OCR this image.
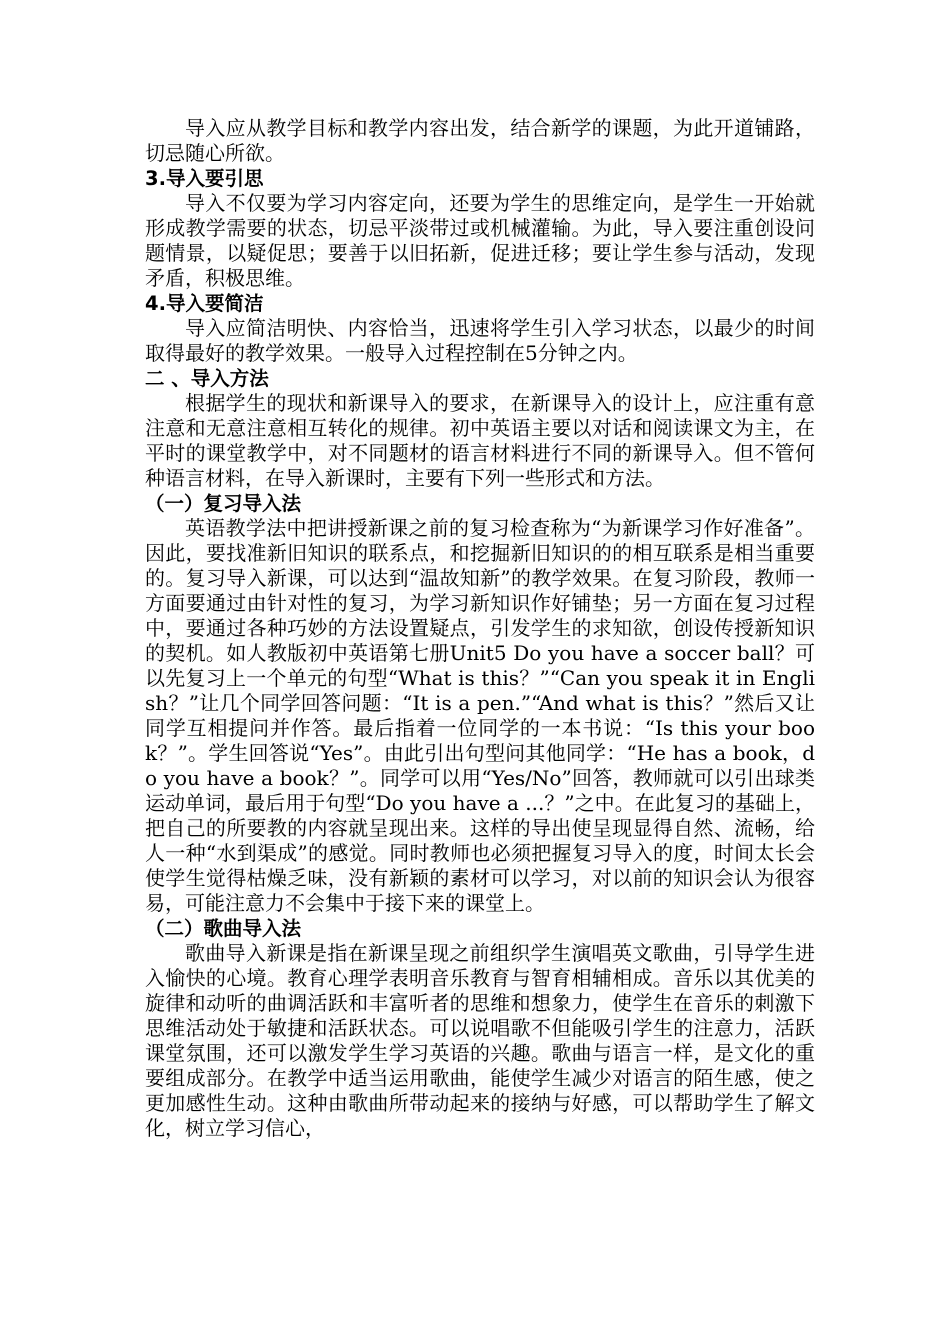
导入应从教学目标和教学内容出发，结合新学的课题，为此开道铺路，切忌随心所欲。

3.导入要引思

导入不仅要为学习内容定向，还要为学生的思维定向，是学生一开始就形成教学需要的状态，切忌平淡带过或机械灌输。为此，导入要注重创设问题情景，以疑促思；要善于以旧拓新，促进迁移；要让学生参与活动，发现矛盾，积极思维。

4.导入要简洁

导入应简洁明快、内容恰当，迅速将学生引入学习状态，以最少的时间取得最好的教学效果。一般导入过程控制在5分钟之内。

二 、导入方法

根据学生的现状和新课导入的要求，在新课导入的设计上，应注重有意注意和无意注意相互转化的规律。初中英语主要以对话和阅读课文为主，在平时的课堂教学中，对不同题材的语言材料进行不同的新课导入。但不管何种语言材料，在导入新课时，主要有下列一些形式和方法。

（一）复习导入法

英语教学法中把讲授新课之前的复习检查称为“为新课学习作好准备”。因此，要找准新旧知识的联系点，和挖掘新旧知识的的相互联系是相当重要的。复习导入新课，可以达到“温故知新”的教学效果。在复习阶段，教师一方面要通过由针对性的复习，为学习新知识作好铺垫；另一方面在复习过程中，要通过各种巧妙的方法设置疑点，引发学生的求知欲，创设传授新知识的契机。如人教版初中英语第七册Unit5 Do you have a soccer ball？可以先复习上一个单元的句型“What is this？”“Can you speak it in English？”让几个同学回答问题：“It is a pen.”“And what is this？”然后又让同学互相提问并作答。最后指着一位同学的一本书说：“Is this your book？”。学生回答说“Yes”。由此引出句型问其他同学：“He has a book，do you have a book？”。同学可以用“Yes/No”回答，教师就可以引出球类运动单词，最后用于句型“Do you have a ...？”之中。在此复习的基础上，把自己的所要教的内容就呈现出来。这样的导出使呈现显得自然、流畅，给人一种“水到渠成”的感觉。同时教师也必须把握复习导入的度，时间太长会使学生觉得枯燥乏味，没有新颖的素材可以学习，对以前的知识会认为很容易，可能注意力不会集中于接下来的课堂上。

（二）歌曲导入法

歌曲导入新课是指在新课呈现之前组织学生演唱英文歌曲，引导学生进入愉快的心境。教育心理学表明音乐教育与智育相辅相成。音乐以其优美的旋律和动听的曲调活跃和丰富听者的思维和想象力，使学生在音乐的刺激下思维活动处于敏捷和活跃状态。可以说唱歌不但能吸引学生的注意力，活跃课堂氛围，还可以激发学生学习英语的兴趣。歌曲与语言一样，是文化的重要组成部分。在教学中适当运用歌曲，能使学生减少对语言的陌生感，使之更加感性生动。这种由歌曲所带动起来的接纳与好感，可以帮助学生了解文化，树立学习信心，
